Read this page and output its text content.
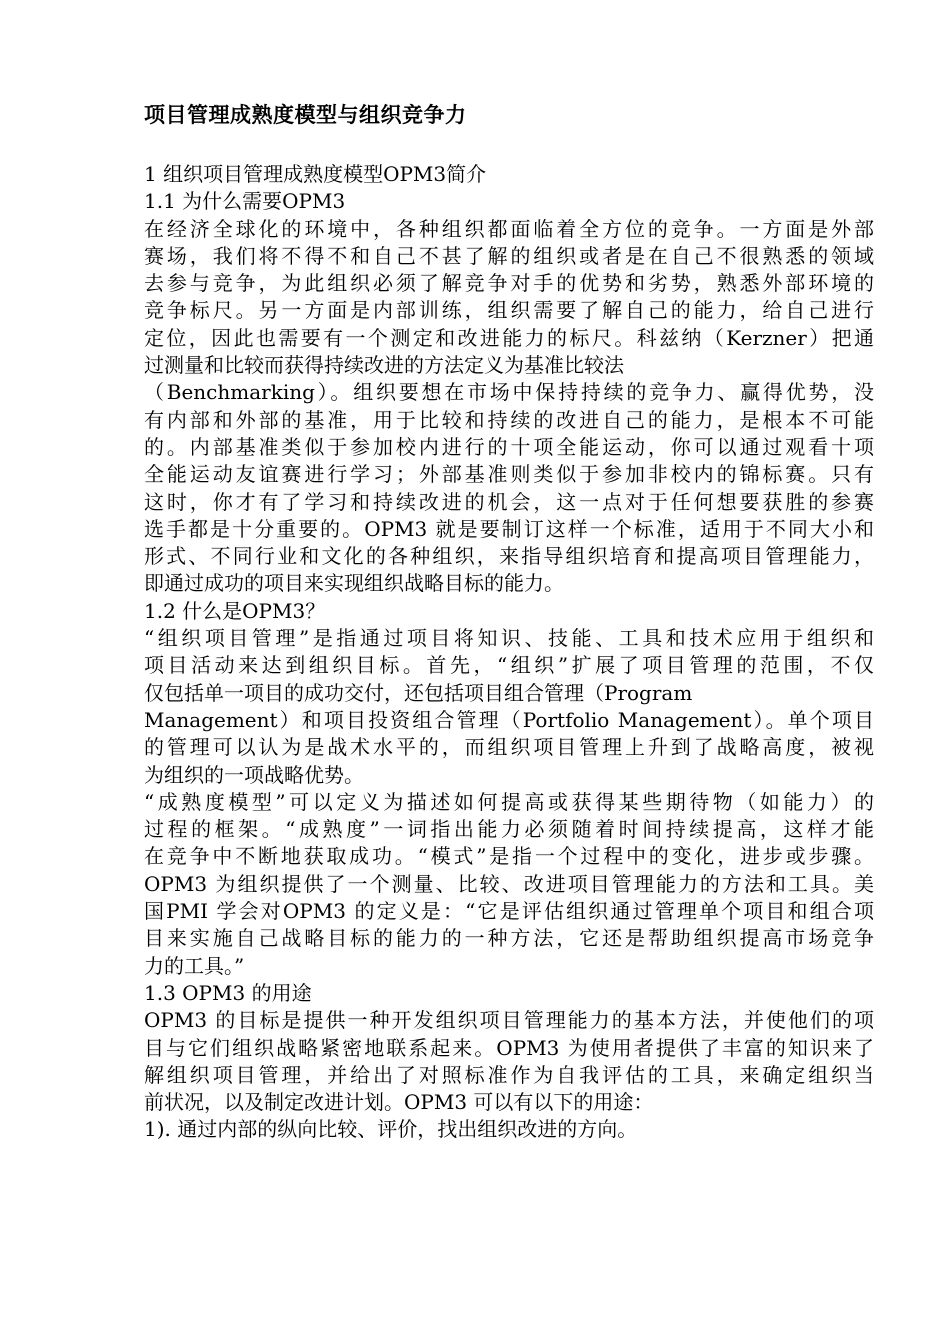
项目管理成熟度模型与组织竞争力

1 组织项目管理成熟度模型OPM3简介

1.1 为什么需要OPM3

在经济全球化的环境中，各种组织都面临着全方位的竞争。一方面是外部

赛场，我们将不得不和自己不甚了解的组织或者是在自己不很熟悉的领域

去参与竞争，为此组织必须了解竞争对手的优势和劣势，熟悉外部环境的

竞争标尺。另一方面是内部训练，组织需要了解自己的能力，给自己进行

定位，因此也需要有一个测定和改进能力的标尺。科兹纳（Kerzner）把通

过测量和比较而获得持续改进的方法定义为基准比较法

（Benchmarking）。组织要想在市场中保持持续的竞争力、赢得优势，没

有内部和外部的基准，用于比较和持续的改进自己的能力，是根本不可能

的。内部基准类似于参加校内进行的十项全能运动，你可以通过观看十项

全能运动友谊赛进行学习；外部基准则类似于参加非校内的锦标赛。只有

这时，你才有了学习和持续改进的机会，这一点对于任何想要获胜的参赛

选手都是十分重要的。OPM3 就是要制订这样一个标准，适用于不同大小和

形式、不同行业和文化的各种组织，来指导组织培育和提高项目管理能力，

即通过成功的项目来实现组织战略目标的能力。

1.2 什么是OPM3？

“组织项目管理”是指通过项目将知识、技能、工具和技术应用于组织和

项目活动来达到组织目标。首先，“组织”扩展了项目管理的范围，不仅

仅包括单一项目的成功交付，还包括项目组合管理（Program

Management）和项目投资组合管理（Portfolio Management）。单个项目

的管理可以认为是战术水平的，而组织项目管理上升到了战略高度，被视

为组织的一项战略优势。

“成熟度模型”可以定义为描述如何提高或获得某些期待物（如能力）的

过程的框架。“成熟度”一词指出能力必须随着时间持续提高，这样才能

在竞争中不断地获取成功。“模式”是指一个过程中的变化，进步或步骤。

OPM3 为组织提供了一个测量、比较、改进项目管理能力的方法和工具。美

国PMI 学会对OPM3 的定义是：“它是评估组织通过管理单个项目和组合项

目来实施自己战略目标的能力的一种方法，它还是帮助组织提高市场竞争

力的工具。”

1.3 OPM3 的用途

OPM3 的目标是提供一种开发组织项目管理能力的基本方法，并使他们的项

目与它们组织战略紧密地联系起来。OPM3 为使用者提供了丰富的知识来了

解组织项目管理，并给出了对照标准作为自我评估的工具，来确定组织当

前状况，以及制定改进计划。OPM3 可以有以下的用途：

1). 通过内部的纵向比较、评价，找出组织改进的方向。
